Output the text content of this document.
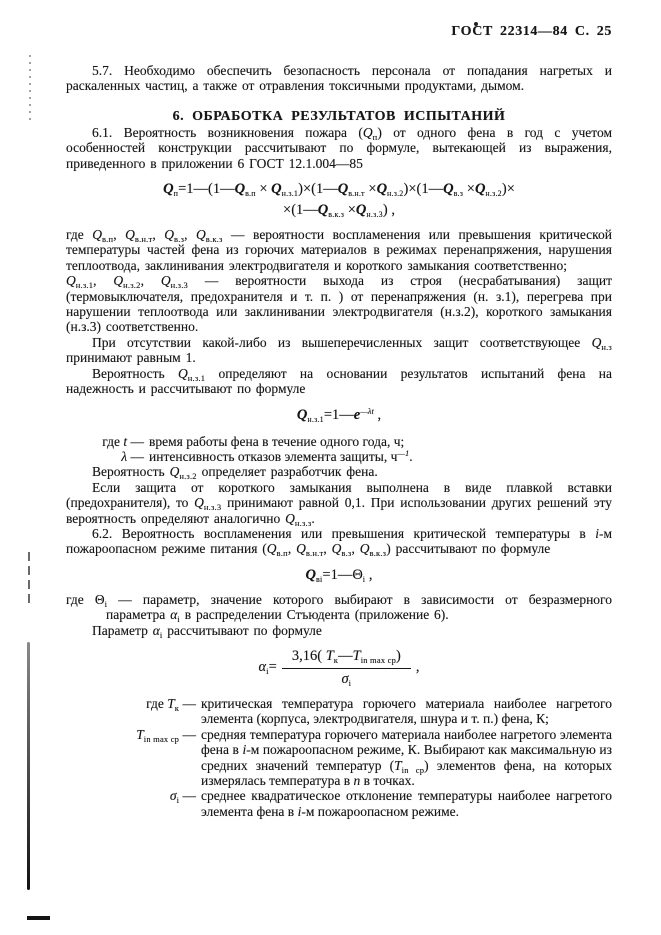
ГОСТ 22314—84 С. 25

5.7. Необходимо обеспечить безопасность персонала от попадания нагретых и раскаленных частиц, а также от отравления токсичными продуктами, дымом.

6. ОБРАБОТКА РЕЗУЛЬТАТОВ ИСПЫТАНИЙ

6.1. Вероятность возникновения пожара $(Q_п)$ от одного фена в год с учетом особенностей конструкции рассчитывают по формуле, вытекающей из выражения, приведенного в приложении 6 ГОСТ 12.1.004—85

$Q_п=1—(1—Q_{в.п}$ × $Q_{н.з.1})\times(1—Q_{в.н.т}$ $\times Q_{н.з.2})\times(1—Q_{в.з} \times Q_{н.з.2})\times$
$\times(1—Q_{в.к.з} \times Q_{н.з.3})$ ,

где $Q_{в.п}$, $Q_{в.н.т}$, $Q_{в.з}$, $Q_{в.к.з}$ — вероятности воспламенения или превышения критической температуры частей фена из горючих материалов в режимах перенапряжения, нарушения теплоотвода, заклинивания электродвигателя и короткого замыкания соответственно;

$Q_{н.з.1}$, $Q_{н.з.2}$, $Q_{н.з.3}$ — вероятности выхода из строя (несрабатывания) защит (термовыключателя, предохранителя и т. п. ) от перенапряжения (н. з.1), перегрева при нарушении теплоотвода или заклинивании электродвигателя (н.з.2), короткого замыкания (н.з.3) соответственно.

При отсутствии какой-либо из вышеперечисленных защит соответствующее $Q_{н.з}$ принимают равным 1.

Вероятность $Q_{н.з.1}$ определяют на основании результатов испытаний фена на надежность и рассчитывают по формуле

$Q_{н.з.1}=1—e^{—\lambda t}$ ,
где t — время работы фена в течение одного года, ч;
λ — интенсивность отказов элемента защиты, $ч^{—1}$.

Вероятность $Q_{н.з.2}$ определяет разработчик фена.

Если защита от короткого замыкания выполнена в виде плавкой вставки (предохранителя), то $Q_{н.з.3}$ принимают равной 0,1. При использовании других решений эту вероятность определяют аналогично $Q_{н.з.з}$.

6.2. Вероятность воспламенения или превышения критической температуры в i-м пожароопасном режиме питания ($Q_{в.п}$, $Q_{в.н.т}$, $Q_{в.з}$, $Q_{в.к.з}$) рассчитывают по формуле

$Q_{вi}=1—\Theta_i$ ,

где $\Theta_i$ — параметр, значение которого выбирают в зависимости от безразмерного параметра $\alpha_i$ в распределении Стъюдента (приложение 6).

Параметр $\alpha_i$ рассчитывают по формуле

$\alpha_i= \frac{3,16( T_к—T_{in max ср})}{\sigma_i}$ ,
где $T_к$ — критическая температура горючего материала наиболее нагретого элемента (корпуса, электродвигателя, шнура и т. п.) фена, К;
$T_{in max ср}$ — средняя температура горючего материала наиболее нагретого элемента фена в i-м пожароопасном режиме, К. Выбирают как максимальную из средних значений температур $(T_{in ср})$ элементов фена, на которых измерялась температура в n в точках.
$\sigma_i$ — среднее квадратическое отклонение температуры наиболее нагретого элемента фена в i-м пожароопасном режиме.
